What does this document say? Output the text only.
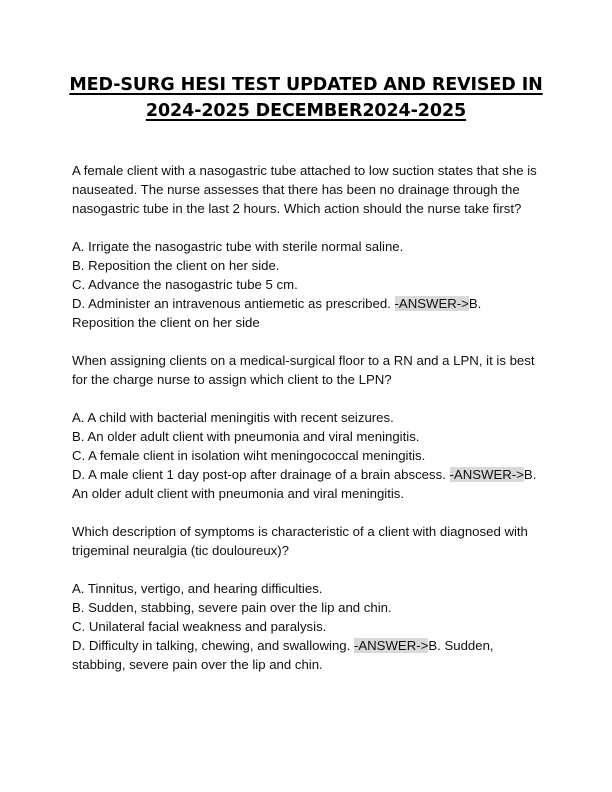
MED-SURG HESI TEST UPDATED AND REVISED IN
2024-2025 DECEMBER2024-2025

A female client with a nasogastric tube attached to low suction states that she is nauseated. The nurse assesses that there has been no drainage through the nasogastric tube in the last 2 hours. Which action should the nurse take first?

A. Irrigate the nasogastric tube with sterile normal saline.
B. Reposition the client on her side.
C. Advance the nasogastric tube 5 cm.
D. Administer an intravenous antiemetic as prescribed. -ANSWER->B. Reposition the client on her side

When assigning clients on a medical-surgical floor to a RN and a LPN, it is best for the charge nurse to assign which client to the LPN?

A. A child with bacterial meningitis with recent seizures.
B. An older adult client with pneumonia and viral meningitis.
C. A female client in isolation wiht meningococcal meningitis.
D. A male client 1 day post-op after drainage of a brain abscess. -ANSWER->B. An older adult client with pneumonia and viral meningitis.

Which description of symptoms is characteristic of a client with diagnosed with trigeminal neuralgia (tic douloureux)?

A. Tinnitus, vertigo, and hearing difficulties.
B. Sudden, stabbing, severe pain over the lip and chin.
C. Unilateral facial weakness and paralysis.
D. Difficulty in talking, chewing, and swallowing. -ANSWER->B. Sudden, stabbing, severe pain over the lip and chin.
